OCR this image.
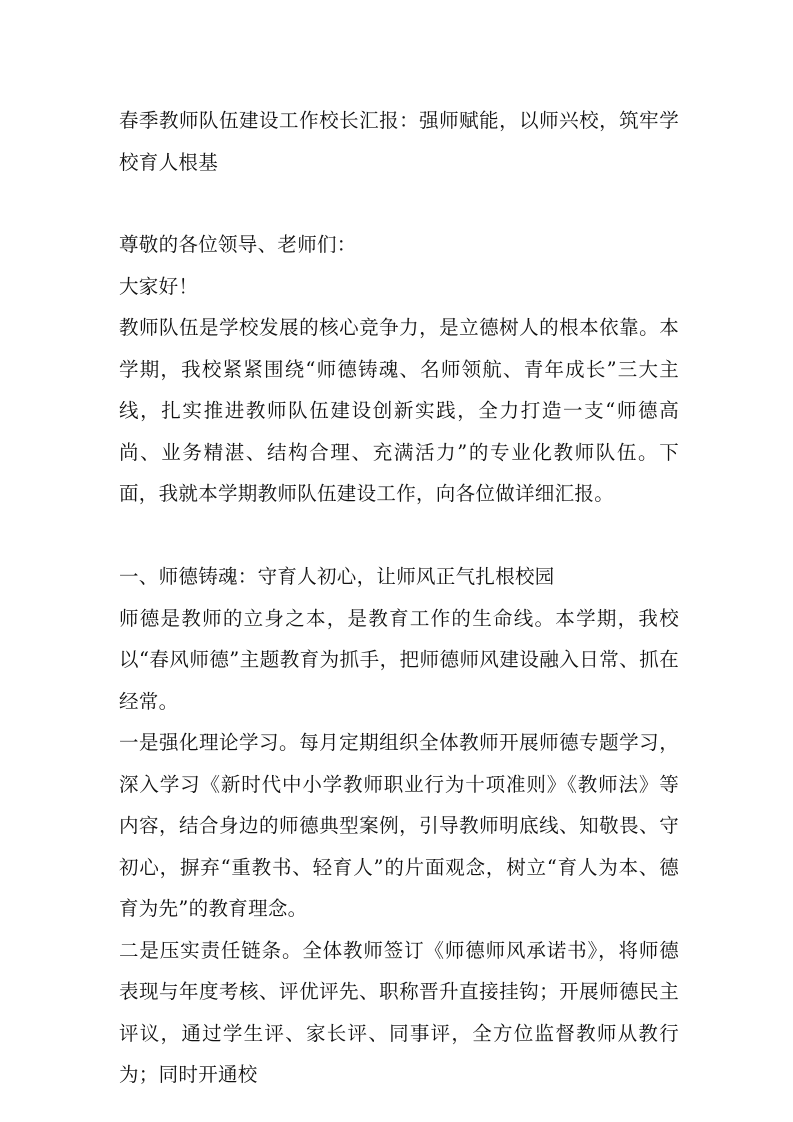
春季教师队伍建设工作校长汇报：强师赋能，以师兴校，筑牢学校育人根基

尊敬的各位领导、老师们：

大家好！

教师队伍是学校发展的核心竞争力，是立德树人的根本依靠。本学期，我校紧紧围绕“师德铸魂、名师领航、青年成长”三大主线，扎实推进教师队伍建设创新实践，全力打造一支“师德高尚、业务精湛、结构合理、充满活力”的专业化教师队伍。下面，我就本学期教师队伍建设工作，向各位做详细汇报。

一、师德铸魂：守育人初心，让师风正气扎根校园

师德是教师的立身之本，是教育工作的生命线。本学期，我校以“春风师德”主题教育为抓手，把师德师风建设融入日常、抓在经常。

一是强化理论学习。每月定期组织全体教师开展师德专题学习，深入学习《新时代中小学教师职业行为十项准则》《教师法》等内容，结合身边的师德典型案例，引导教师明底线、知敬畏、守初心，摒弃“重教书、轻育人”的片面观念，树立“育人为本、德育为先”的教育理念。

二是压实责任链条。全体教师签订《师德师风承诺书》，将师德表现与年度考核、评优评先、职称晋升直接挂钩；开展师德民主评议，通过学生评、家长评、同事评，全方位监督教师从教行为；同时开通校
